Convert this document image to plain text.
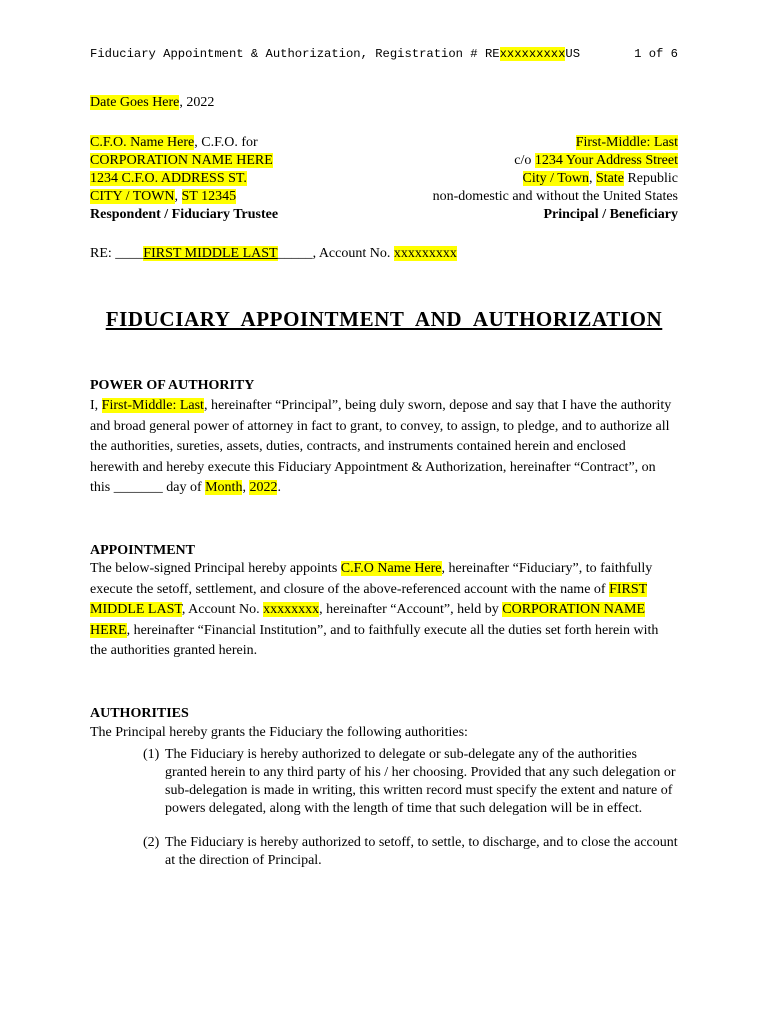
Fiduciary Appointment & Authorization, Registration # RExxxxxxxxxUS	1 of 6
Date Goes Here, 2022
C.F.O. Name Here, C.F.O. for
CORPORATION NAME HERE
1234 C.F.O. ADDRESS ST.
CITY / TOWN, ST 12345
Respondent / Fiduciary Trustee
First-Middle: Last
c/o 1234 Your Address Street
City / Town, State Republic
non-domestic and without the United States
Principal / Beneficiary
RE: ____FIRST MIDDLE LAST_____, Account No. xxxxxxxxx
FIDUCIARY APPOINTMENT AND AUTHORIZATION
POWER OF AUTHORITY

I, First-Middle: Last, hereinafter “Principal”, being duly sworn, depose and say that I have the authority and broad general power of attorney in fact to grant, to convey, to assign, to pledge, and to authorize all the authorities, sureties, assets, duties, contracts, and instruments contained herein and enclosed herewith and hereby execute this Fiduciary Appointment & Authorization, hereinafter “Contract”, on this _______ day of Month, 2022.

APPOINTMENT

The below-signed Principal hereby appoints C.F.O Name Here, hereinafter “Fiduciary”, to faithfully execute the setoff, settlement, and closure of the above-referenced account with the name of FIRST MIDDLE LAST, Account No. xxxxxxxx, hereinafter “Account”, held by CORPORATION NAME HERE, hereinafter “Financial Institution”, and to faithfully execute all the duties set forth herein with the authorities granted herein.

AUTHORITIES
The Principal hereby grants the Fiduciary the following authorities:
(1) The Fiduciary is hereby authorized to delegate or sub-delegate any of the authorities granted herein to any third party of his / her choosing. Provided that any such delegation or sub-delegation is made in writing, this written record must specify the extent and nature of powers delegated, along with the length of time that such delegation will be in effect.
(2) The Fiduciary is hereby authorized to setoff, to settle, to discharge, and to close the account at the direction of Principal.
